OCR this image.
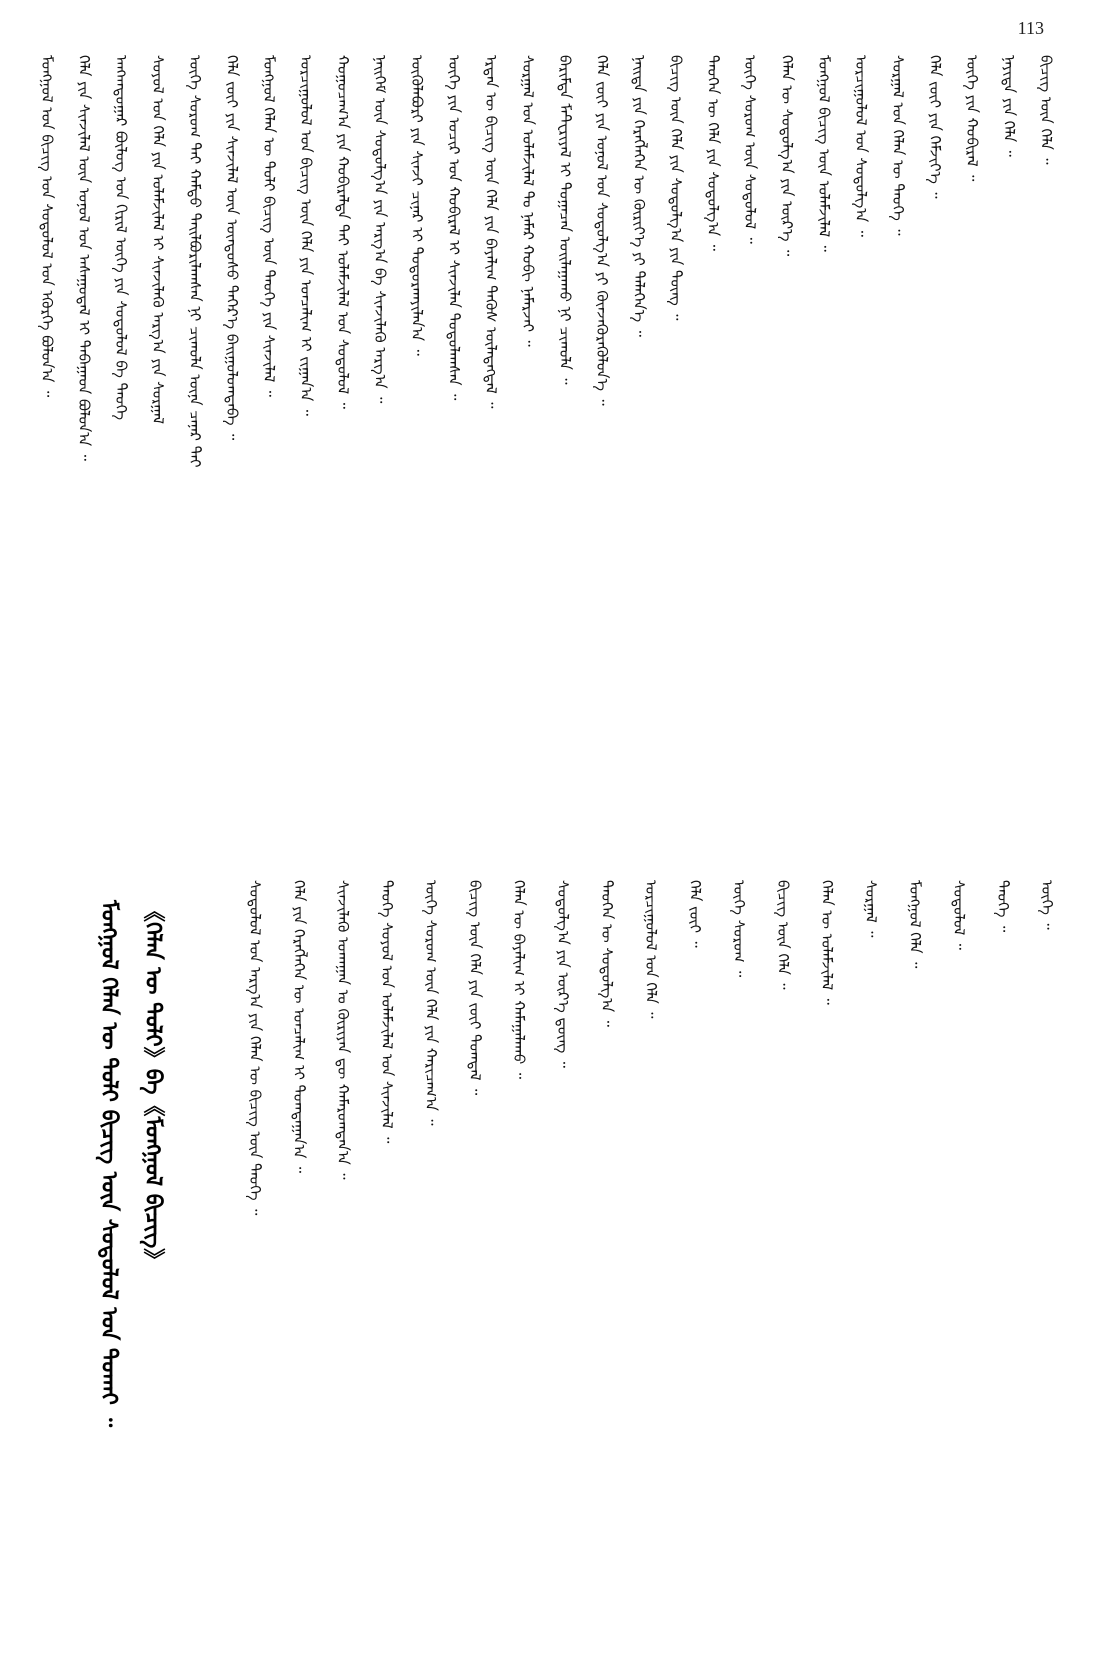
113
ᠮᠣᠩᠭ᠋ᠣᠯ ᠤᠨ ᠪᠢᠴᠢᠭ᠌ ᠤᠨ ᠰᠤᠳᠤᠯᠤᠯ ᠤᠨ ᠡᠭᠦᠷᠭᠡ ᠪᠣᠯᠤᠨ᠎ᠠ ᠃	ᠬᠡᠯᠡ ᠶᠢᠨ ᠰᠢᠨᠵᠢᠯᠡᠯ ᠦᠨ ᠣᠨᠣᠯ ᠤᠨ ᠠᠰᠠᠭᠤᠳᠠᠯ ᠢ ᠳᠠᠪᠠᠭᠠᠳ ᠪᠣᠯᠤᠨ᠎ᠠ ᠃	ᠠᠩᠬᠠᠳᠤᠭᠠᠷ ᠪᠦᠯᠦᠭ ᠤᠨ ᠬᠢᠷᠢᠯ ᠦᠬᠡ ᠶᠢᠨ ᠰᠤᠳᠤᠯᠤᠯ ᠪᠠ ᠲᠡᠦᠬᠡ	ᠰᠣᠶᠣᠯ ᠤᠨ ᠬᠡᠯᠡ ᠶᠢᠨ ᠤᠯᠠᠮᠵᠢᠯᠠᠯ ᠢ ᠰᠢᠨᠵᠢᠯᠡᠬᠦ ᠠᠷᠭ᠎ᠠ ᠶᠢᠨ ᠰᠤᠷᠭᠠᠯ	ᠦᠬᠡ ᠰᠤᠷᠤᠭ ᠲᠠᠢ ᠬᠠᠮᠲᠤ ᠲᠠᠢᠯᠪᠤᠷᠢᠯᠠᠭᠰᠠᠨ ᠨᠢ ᠴᠢᠬᠤᠯᠠ ᠦᠨᠡ ᠴᠡᠨᠡᠷ ᠲᠡᠢ	ᠬᠡᠯᠡ ᠵᠦᠢ ᠶᠢᠨ ᠰᠢᠨᠵᠢᠯᠡᠯ ᠦᠨ ᠦᠨᠳᠦᠰᠦ ᠳᠡᠭᠡᠷ᠎ᠡ ᠪᠠᠢᠭᠤᠯᠤᠭᠳᠠᠪᠠ ᠃	ᠮᠣᠩᠭ᠋ᠣᠯ ᠬᠡᠯᠡᠨ ᠦ ᠲᠣᠯᠢ ᠪᠢᠴᠢᠭ ᠦᠨ ᠲᠡᠦᠬᠡ ᠶᠢᠨ ᠰᠢᠨᠵᠢᠯᠡᠯ ᠃	ᠣᠷᠴᠢᠭᠤᠯᠤᠯ ᠤᠨ ᠪᠢᠴᠢᠭ ᠦᠨ ᠬᠡᠯᠡ ᠶᠢᠨ ᠣᠨᠴᠠᠯᠢᠭ ᠢ ᠵᠢᠭᠠᠨ᠎ᠠ ᠃	ᠬᠤᠭᠤᠴᠠᠭ᠎ᠠ ᠶᠢᠨ ᠬᠤᠪᠢᠷᠠᠯᠲᠠ ᠲᠠᠢ ᠤᠯᠠᠮᠵᠢᠯᠠᠯ ᠤᠨ ᠰᠤᠳᠤᠯᠤᠯ ᠃	ᠨᠡᠢᠭᠡᠮ ᠦᠨ ᠰᠤᠳᠤᠯᠭ᠎ᠠ ᠶᠢᠨ ᠠᠷᠭ᠎ᠠ ᠪᠠ ᠰᠢᠨᠵᠢᠯᠡᠬᠦ ᠠᠷᠭ᠎ᠠ ᠃	ᠦᠭᠦᠯᠡᠪᠦᠷᠢ ᠶᠢᠨ ᠰᠢᠨᠵᠢ ᠴᠢᠨᠠᠷ ᠢ ᠲᠣᠳᠤᠷᠬᠠᠶᠢᠯᠠᠨ᠎ᠠ ᠃	ᠦᠭᠡ ᠶᠢᠨ ᠤᠴᠢᠷ ᠤᠨ ᠬᠤᠪᠢᠷᠠᠯ ᠢ ᠰᠢᠨᠵᠢᠯᠡᠨ ᠲᠣᠳᠤᠯᠠᠭᠰᠠᠨ ᠃	ᠡᠷᠲᠡᠨ ᠦ ᠪᠢᠴᠢᠭ ᠦᠨ ᠬᠡᠯᠡ ᠶᠢᠨ ᠪᠠᠶᠠᠯᠢᠭ ᠲᠡᠭᠦᠰ ᠦᠯᠡᠳᠡᠭᠳᠡᠯ ᠃	ᠰᠤᠷᠭᠠᠯ ᠤᠨ ᠤᠯᠠᠮᠵᠢᠯᠠᠯ ᠲᠤ ᠨᠡᠮᠡᠷ ᠬᠤᠪᠢ ᠨᠡᠮᠡᠷᠵᠡᠢ ᠃	ᠪᠠᠷᠢᠮᠲᠠ ᠮᠠᠲᠧᠷᠢᠶᠠᠯ ᠢ ᠲᠣᠭᠠᠴᠠᠨ ᠤᠢᠯᠠᠭᠠᠬᠤ ᠨᠢ ᠴᠢᠬᠤᠯᠠ ᠃	ᠬᠡᠯᠡ ᠵᠦᠢ ᠶᠢᠨ ᠣᠨᠣᠯ ᠤᠨ ᠰᠤᠳᠤᠯᠭ᠎ᠠ ᠶᠢ ᠭᠦᠨᠵᠡᠭᠦᠷᠡᠭᠦᠯᠦᠨ᠎ᠡ ᠃	ᠨᠡᠢᠲᠡ ᠶᠢᠨ ᠬᠡᠷᠡᠭᠯᠡᠭᠡᠨ ᠦ ᠬᠦᠷᠢᠶ᠎ᠡ ᠶᠢ ᠲᠡᠯᠡᠭᠡᠨ᠎ᠡ ᠃	ᠪᠢᠴᠢᠭ ᠦᠨ ᠬᠡᠯᠡ ᠶᠢᠨ ᠰᠤᠳᠤᠯᠭ᠎ᠠ ᠶᠢᠨ ᠳᠦᠩ ᠃	ᠲᠡᠦᠬᠡᠨ ᠦ ᠬᠡᠯᠡ ᠶᠢᠨ ᠰᠤᠳᠤᠯᠭ᠎ᠠ ᠃	ᠦᠭᠡ ᠰᠤᠷᠤᠭ ᠦᠨ ᠰᠤᠳᠤᠯᠤᠯ ᠃	ᠬᠡᠯᠡᠨ ᠦ ᠰᠤᠳᠤᠯᠭ᠎ᠠ ᠶᠢᠨ ᠦᠷ᠎ᠡ ᠃	ᠮᠣᠩᠭ᠋ᠣᠯ ᠪᠢᠴᠢᠭ ᠦᠨ ᠤᠯᠠᠮᠵᠢᠯᠠᠯ ᠃	ᠣᠷᠴᠢᠭᠤᠯᠤᠯ ᠤᠨ ᠰᠤᠳᠤᠯᠭ᠎ᠠ ᠃	ᠰᠤᠷᠭᠠᠯ ᠤᠨ ᠬᠡᠯᠡᠨ ᠦ ᠲᠡᠦᠬᠡ ᠃	ᠬᠡᠯᠡ ᠵᠦᠢ ᠶᠢᠨ ᠬᠡᠮᠵᠢᠶ᠎ᠡ ᠃	ᠦᠭᠡ ᠶᠢᠨ ᠬᠤᠪᠢᠷᠠᠯ ᠃	ᠨᠡᠶᠢᠲᠡ ᠶᠢᠨ ᠬᠡᠯᠡ ᠃	ᠪᠢᠴᠢᠭ ᠦᠨ ᠬᠡᠯᠡ ᠃
ᠮᠣᠩᠭ᠋ᠣᠯ ᠬᠡᠯᠡᠨ ᠦ ᠲᠣᠯᠢ ᠪᠢᠴᠢᠭ ᠦᠨ ᠰᠤᠳᠤᠯᠤᠯ ᠤᠨ ᠲᠤᠬᠠᠢ ᠃ 《ᠬᠡᠯᠡᠨ ᠦ ᠲᠣᠯᠢ》ᠪᠠ《ᠮᠣᠩᠭ᠋ᠣᠯ ᠪᠢᠴᠢᠭ》	ᠰᠤᠳᠤᠯᠤᠯ ᠤᠨ ᠠᠷᠭ᠎ᠠ ᠶᠢᠨ ᠬᠡᠯᠡᠨ ᠦ ᠪᠢᠴᠢᠭ ᠦᠨ ᠲᠡᠦᠬᠡ ᠃	ᠬᠡᠯᠡ ᠶᠢᠨ ᠬᠡᠷᠡᠭᠯᠡᠭᠡᠨ ᠦ ᠣᠨᠴᠠᠯᠢᠭ ᠢ ᠲᠣᠭᠲᠠᠭᠠᠨ᠎ᠠ ᠃	ᠰᠢᠨᠵᠢᠯᠡᠬᠦ ᠤᠬᠠᠭᠠᠨ ᠤ ᠬᠦᠷᠢᠶᠡᠨ ᠳᠦ ᠬᠠᠮᠠᠷᠤᠭᠳᠠᠨ᠎ᠠ ᠃	ᠲᠡᠦᠬᠡ ᠰᠣᠶᠣᠯ ᠤᠨ ᠤᠯᠠᠮᠵᠢᠯᠠᠯ ᠤᠨ ᠰᠢᠨᠵᠢᠯᠡᠯ ᠃	ᠦᠭᠡ ᠰᠤᠷᠤᠭ ᠦᠨ ᠬᠡᠯᠡ ᠶᠢᠨ ᠬᠠᠷᠢᠴᠠᠭ᠎ᠠ ᠃	ᠪᠢᠴᠢᠭ ᠦᠨ ᠬᠡᠯᠡ ᠶᠢᠨ ᠵᠦᠢ ᠲᠣᠭᠲᠠᠯ ᠃	ᠬᠡᠯᠡᠨ ᠦ ᠪᠠᠶᠠᠯᠢᠭ ᠢ ᠬᠠᠮᠠᠭᠠᠯᠠᠬᠤ ᠃	ᠰᠤᠳᠤᠯᠭ᠎ᠠ ᠶᠢᠨ ᠦᠷ᠎ᠡ ᠳ᠋ᠦᠩ ᠃	ᠲᠡᠦᠬᠡᠨ ᠦ ᠰᠤᠳᠤᠯᠭ᠎ᠠ ᠃	ᠣᠷᠴᠢᠭᠤᠯᠤᠯ ᠤᠨ ᠬᠡᠯᠡ ᠃	ᠬᠡᠯᠡ ᠵᠦᠢ ᠃	ᠦᠭᠡ ᠰᠤᠷᠤᠭ ᠃	ᠪᠢᠴᠢᠭ ᠦᠨ ᠬᠡᠯᠡ ᠃	ᠬᠡᠯᠡᠨ ᠦ ᠤᠯᠠᠮᠵᠢᠯᠠᠯ ᠃	ᠰᠤᠷᠭᠠᠯ ᠃	ᠮᠣᠩᠭ᠋ᠣᠯ ᠬᠡᠯᠡ ᠃	ᠰᠤᠳᠤᠯᠤᠯ ᠃	ᠲᠡᠦᠬᠡ ᠃	ᠦᠭᠡ ᠃
